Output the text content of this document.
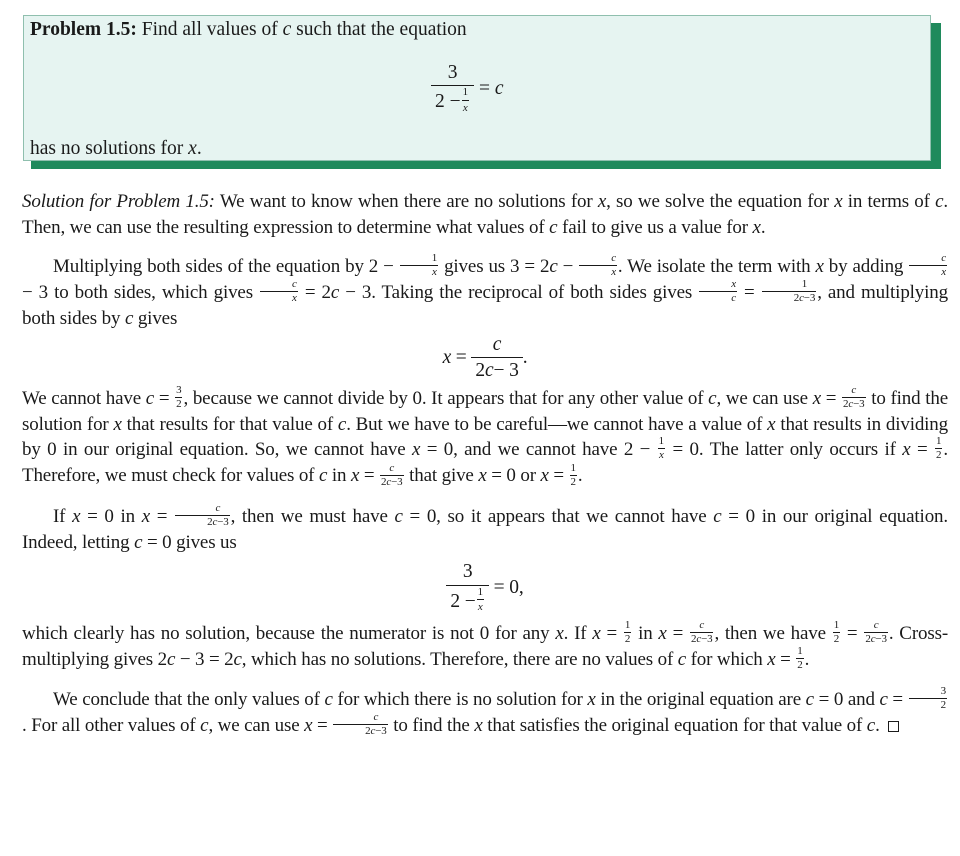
Problem 1.5: Find all values of c such that the equation
$\frac{3}{2 - \frac{1}{x}} = c$
has no solutions for x.

Solution for Problem 1.5: We want to know when there are no solutions for x, so we solve the equation for x in terms of c. Then, we can use the resulting expression to determine what values of c fail to give us a value for x.

Multiplying both sides of the equation by $2 - \frac{1}{x}$ gives us $3 = 2c - \frac{c}{x}$ . We isolate the term with x by adding $\frac{c}{x}$
− 3 to both sides, which gives $\frac{c}{x} = 2c - 3$. Taking the reciprocal of both sides gives $\frac{x}{c} = \frac{1}{2c-3}$ , and multiplying both sides by c gives

$x = \frac{c}{2 c - 3}$ .

We cannot have $c = \frac{3}{2}$ , because we cannot divide by 0. It appears that for any other value of c, we can use $x = \frac{c}{2c-3}$ to find the solution for x that results for that value of c. But we have to be careful—we cannot have a value of x that results in dividing by 0 in our original equation. So, we cannot have x = 0, and we cannot have $2 - \frac{1}{x} = 0$. The latter only occurs if $x = \frac{1}{2}$ . Therefore, we must check for values of c in $x = \frac{c}{2c-3}$ that give x = 0 or $x = \frac{1}{2}$ .

If x = 0 in $x = \frac{c}{2c-3}$ , then we must have c = 0, so it appears that we cannot have c = 0 in our original equation. Indeed, letting c = 0 gives us

$\frac{3}{2 - \frac{1}{x}} = 0$,

which clearly has no solution, because the numerator is not 0 for any x. If $x = \frac{1}{2}$ in $x = \frac{c}{2c-3}$ , then we have $\frac{1}{2} = \frac{c}{2c-3}$ . Cross-multiplying gives 2c − 3 = 2c, which has no solutions. Therefore, there are no values of c for which $x = \frac{1}{2}$ .

We conclude that the only values of c for which there is no solution for x in the original equation are c = 0 and $c = \frac{3}{2}$
. For all other values of c, we can use $x = \frac{c}{2c-3}$ to find the x that satisfies the original equation for that value of c.
